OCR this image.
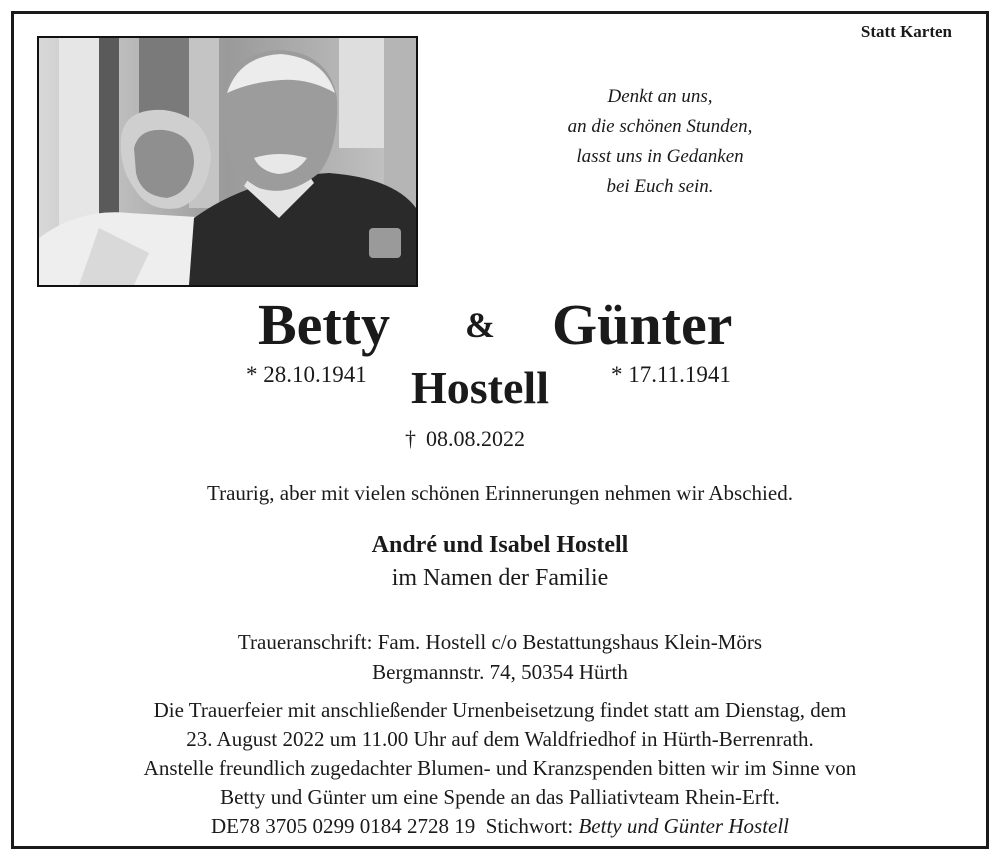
Statt Karten
Denkt an uns,
an die schönen Stunden,
lasst uns in Gedanken
bei Euch sein.
Betty & Günter
* 28.10.1941 Hostell	* 17.11.1941
† 08.08.2022
Traurig, aber mit vielen schönen Erinnerungen nehmen wir Abschied.
André und Isabel Hostell
im Namen der Familie
Traueranschrift: Fam. Hostell c/o Bestattungshaus Klein-Mörs
Bergmannstr. 74, 50354 Hürth
Die Trauerfeier mit anschließender Urnenbeisetzung findet statt am Dienstag, dem
23. August 2022 um 11.00 Uhr auf dem Waldfriedhof in Hürth-Berrenrath.
Anstelle freundlich zugedachter Blumen- und Kranzspenden bitten wir im Sinne von
Betty und Günter um eine Spende an das Palliativteam Rhein-Erft.
DE78 3705 0299 0184 2728 19  Stichwort: Betty und Günter Hostell
